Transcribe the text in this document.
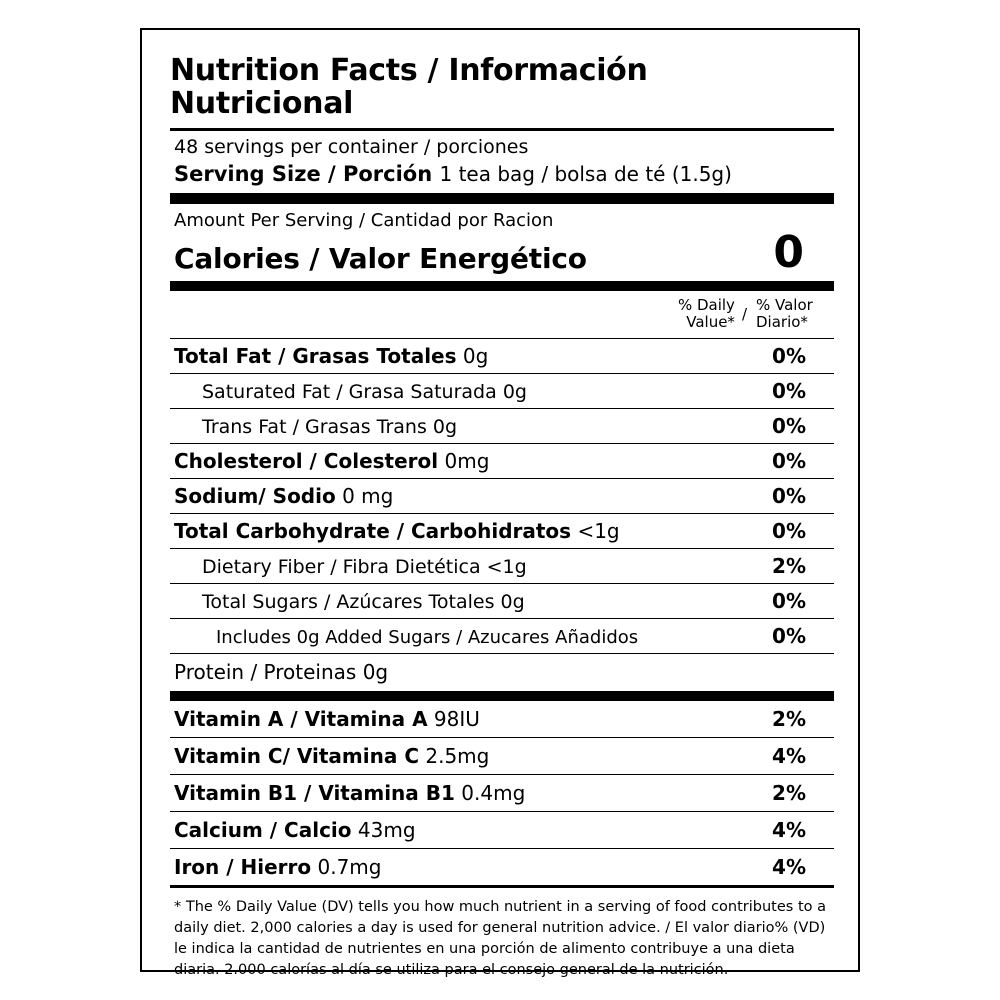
Nutrition Facts / Información Nutricional
48 servings per container / porciones
Serving Size / Porción 1 tea bag / bolsa de té (1.5g)
Amount Per Serving / Cantidad por Racion
Calories / Valor Energético	0
% Daily Value* / % Valor Diario*
Total Fat / Grasas Totales 0g	0%
Saturated Fat / Grasa Saturada 0g	0%
Trans Fat / Grasas Trans 0g	0%
Cholesterol / Colesterol 0mg	0%
Sodium/ Sodio 0 mg	0%
Total Carbohydrate / Carbohidratos <1g	0%
Dietary Fiber / Fibra Dietética <1g	2%
Total Sugars / Azúcares Totales 0g	0%
Includes 0g Added Sugars / Azucares Añadidos	0%
Protein / Proteinas 0g
Vitamin A / Vitamina A 98IU	2%
Vitamin C/ Vitamina C 2.5mg	4%
Vitamin B1 / Vitamina B1 0.4mg	2%
Calcium / Calcio 43mg	4%
Iron / Hierro 0.7mg	4%
* The % Daily Value (DV) tells you how much nutrient in a serving of food contributes to a daily diet. 2,000 calories a day is used for general nutrition advice. / El valor diario% (VD) le indica la cantidad de nutrientes en una porción de alimento contribuye a una dieta diaria. 2.000 calorías al día se utiliza para el consejo general de la nutrición.
